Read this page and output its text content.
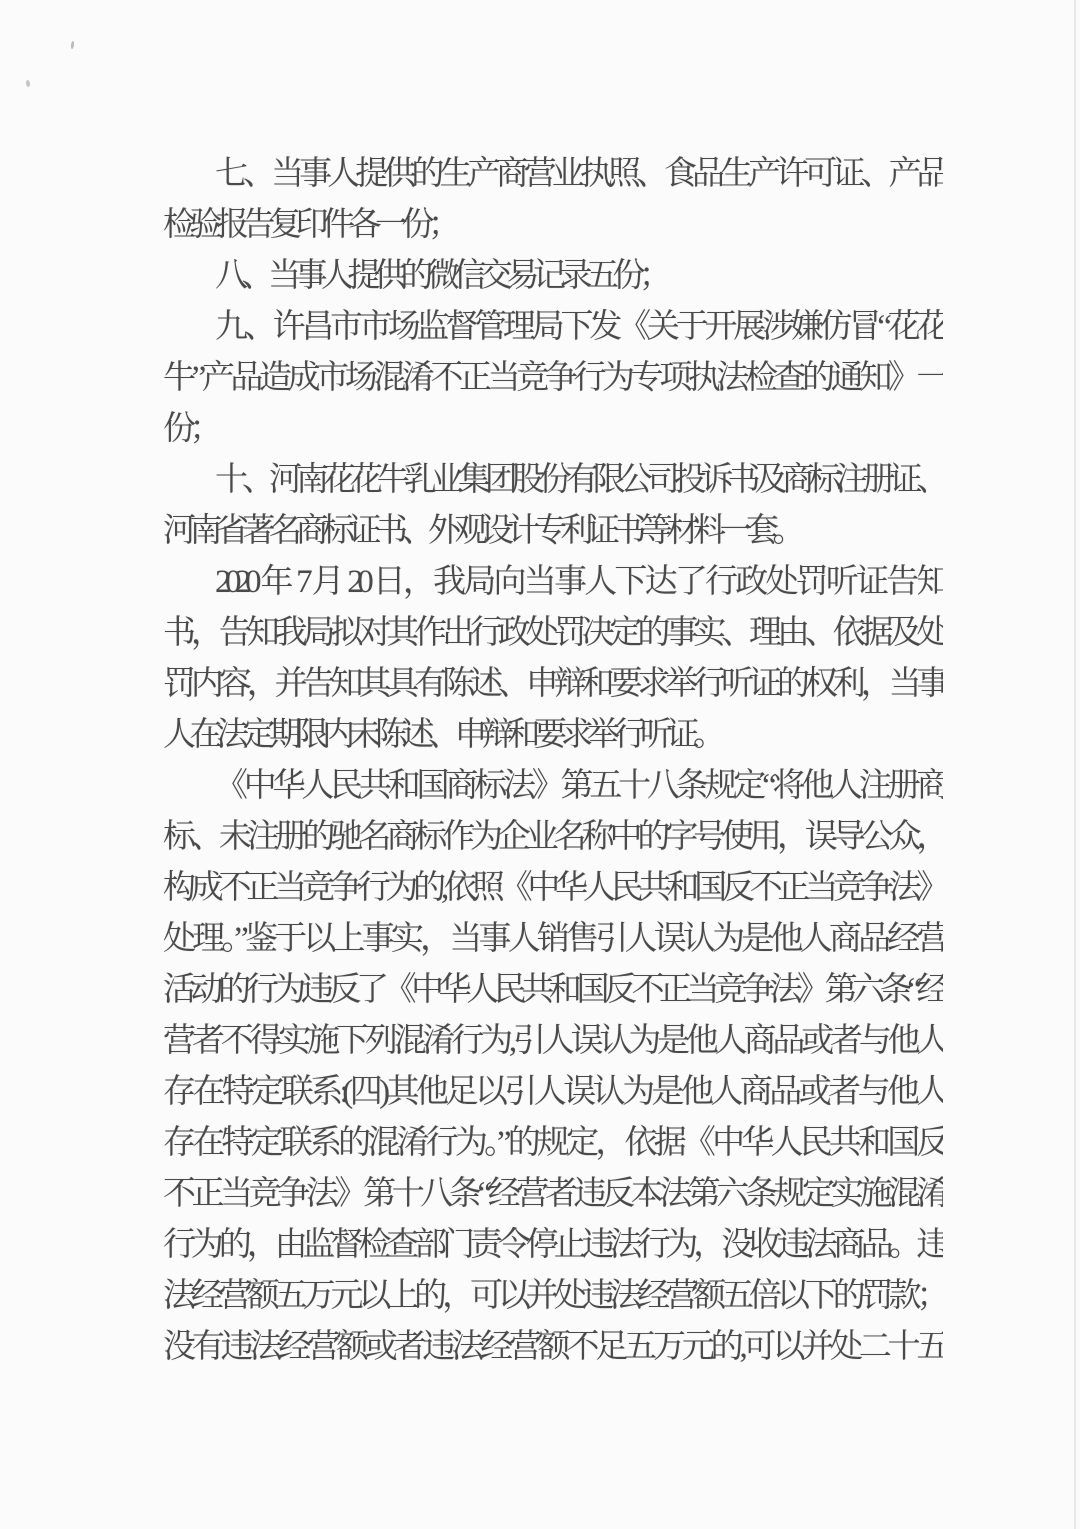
七、当事人提供的生产商营业执照、食品生产许可证、产品
检验报告复印件各一份；
八、当事人提供的微信交易记录五份；
九、许昌市市场监督管理局下发《关于开展涉嫌仿冒“花花
牛”产品造成市场混淆不正当竞争行为专项执法检查的通知》一
份；
十、河南花花牛乳业集团股份有限公司投诉书及商标注册证、
河南省著名商标证书、外观设计专利证书等材料一套。
2020 年 7 月 20 日，我局向当事人下达了行政处罚听证告知
书，告知我局拟对其作出行政处罚决定的事实、理由、依据及处
罚内容，并告知其具有陈述、申辩和要求举行听证的权利，当事
人在法定期限内未陈述、申辩和要求举行听证。
《中华人民共和国商标法》第五十八条规定“将他人注册商
标、未注册的驰名商标作为企业名称中的字号使用，误导公众，
构成不正当竞争行为的,依照《中华人民共和国反不正当竞争法》
处理。”鉴于以上事实，当事人销售引人误认为是他人商品经营
活动的行为违反了《中华人民共和国反不正当竞争法》第六条“经
营者不得实施下列混淆行为,引人误认为是他人商品或者与他人
存在特定联系:(四)其他足以引人误认为是他人商品或者与他人
存在特定联系的混淆行为。”的规定，依据《中华人民共和国反
不正当竞争法》第十八条“经营者违反本法第六条规定实施混淆
行为的，由监督检查部门责令停止违法行为，没收违法商品。违
法经营额五万元以上的，可以并处违法经营额五倍以下的罚款；
没有违法经营额或者违法经营额不足五万元的,可以并处二十五
